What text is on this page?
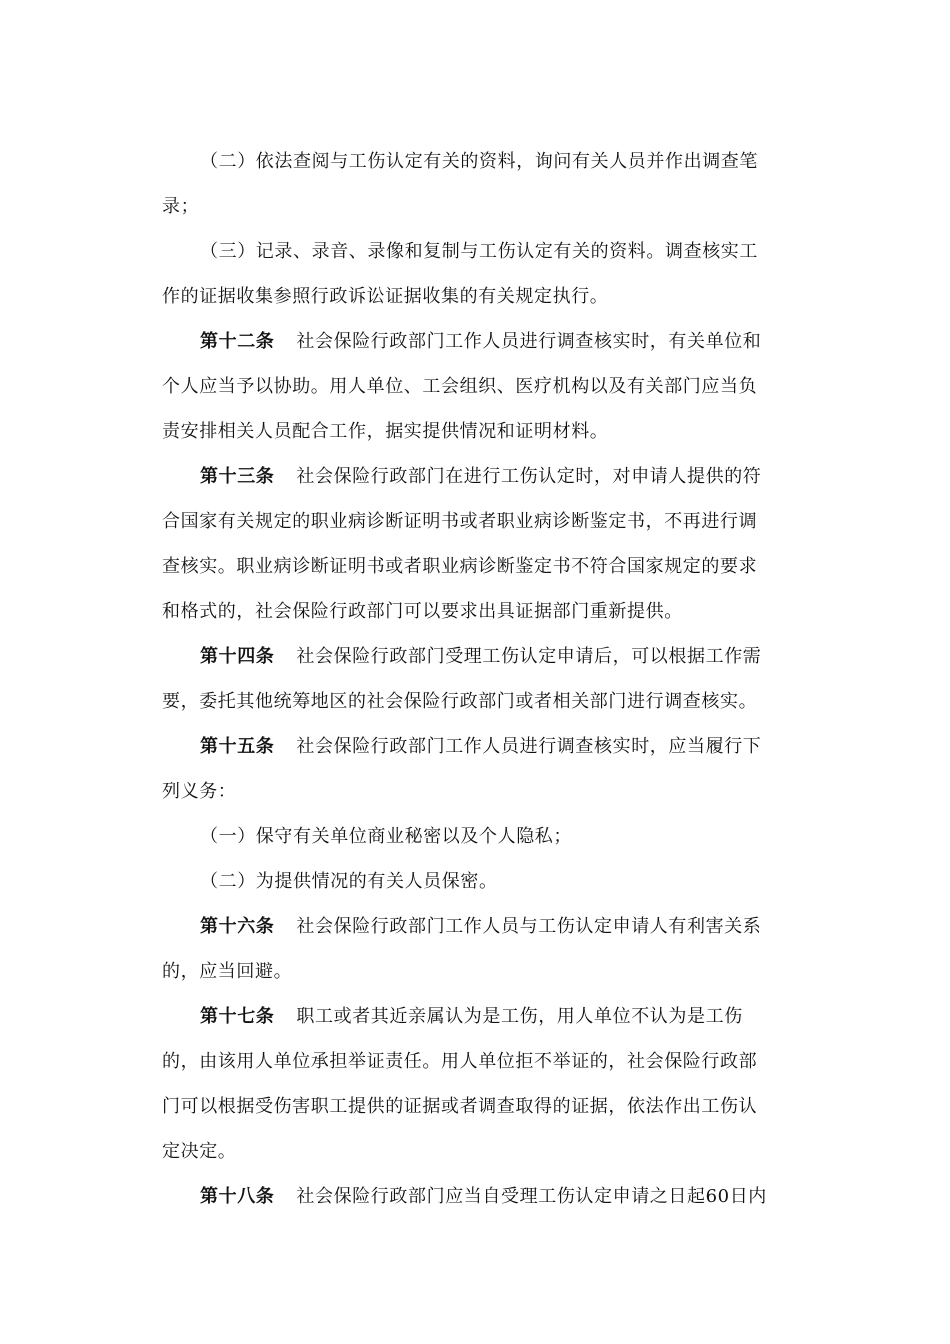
（二）依法查阅与工伤认定有关的资料，询问有关人员并作出调查笔
录；
（三）记录、录音、录像和复制与工伤认定有关的资料。调查核实工
作的证据收集参照行政诉讼证据收集的有关规定执行。
第十二条 社会保险行政部门工作人员进行调查核实时，有关单位和
个人应当予以协助。用人单位、工会组织、医疗机构以及有关部门应当负
责安排相关人员配合工作，据实提供情况和证明材料。
第十三条 社会保险行政部门在进行工伤认定时，对申请人提供的符
合国家有关规定的职业病诊断证明书或者职业病诊断鉴定书，不再进行调
查核实。职业病诊断证明书或者职业病诊断鉴定书不符合国家规定的要求
和格式的，社会保险行政部门可以要求出具证据部门重新提供。
第十四条 社会保险行政部门受理工伤认定申请后，可以根据工作需
要，委托其他统筹地区的社会保险行政部门或者相关部门进行调查核实。
第十五条 社会保险行政部门工作人员进行调查核实时，应当履行下
列义务：
（一）保守有关单位商业秘密以及个人隐私；
（二）为提供情况的有关人员保密。
第十六条 社会保险行政部门工作人员与工伤认定申请人有利害关系
的，应当回避。
第十七条 职工或者其近亲属认为是工伤，用人单位不认为是工伤
的，由该用人单位承担举证责任。用人单位拒不举证的，社会保险行政部
门可以根据受伤害职工提供的证据或者调查取得的证据，依法作出工伤认
定决定。
第十八条 社会保险行政部门应当自受理工伤认定申请之日起60日内
